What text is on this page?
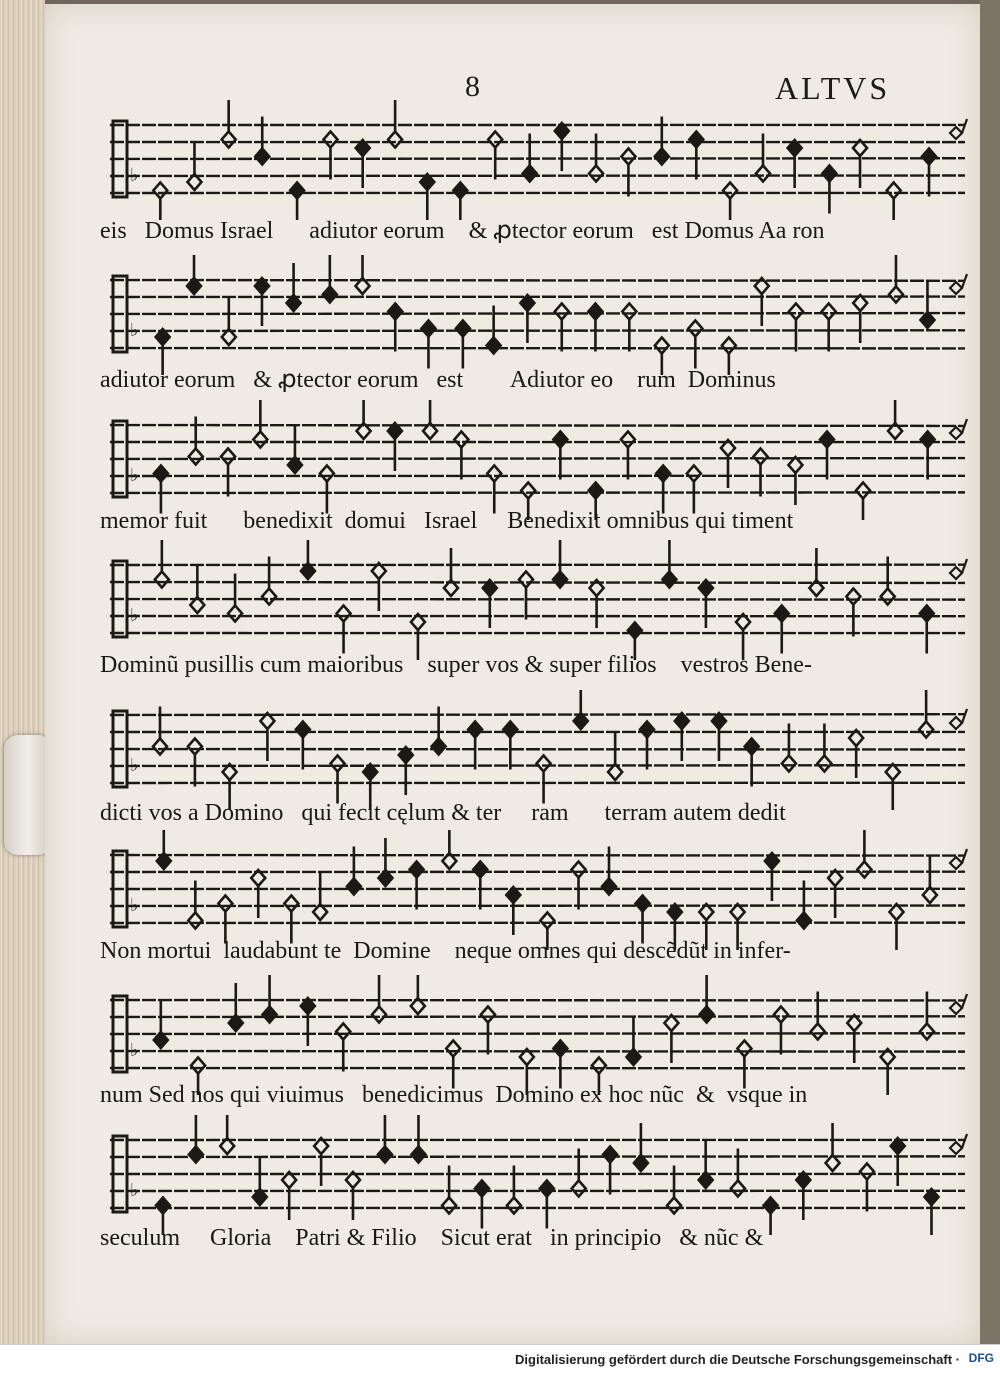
8	ALTVS
♭
eis   Domus Israel      adiutor eorum    & ꝓtector eorum   est Domus Aa ron
♭
adiutor eorum   & ꝓtector eorum   est        Adiutor eo    rum  Dominus
♭
memor fuit      benedixit  domui   Israel     Benedixit omnibus qui timent
♭
Dominũ pusillis cum maioribus    super vos & super filios    vestros Bene-
♭
dicti vos a Domino   qui fecit cęlum & ter     ram      terram autem dedit
♭
Non mortui  laudabunt te  Domine    neque omnes qui descẽdũt in infer-
♭
num Sed nos qui viuimus   benedicimus  Domino ex hoc nũc  &  vsque in
♭
seculum     Gloria    Patri & Filio    Sicut erat   in principio   & nũc &
Digitalisierung gefördert durch die Deutsche Forschungsgemeinschaft · DFG
